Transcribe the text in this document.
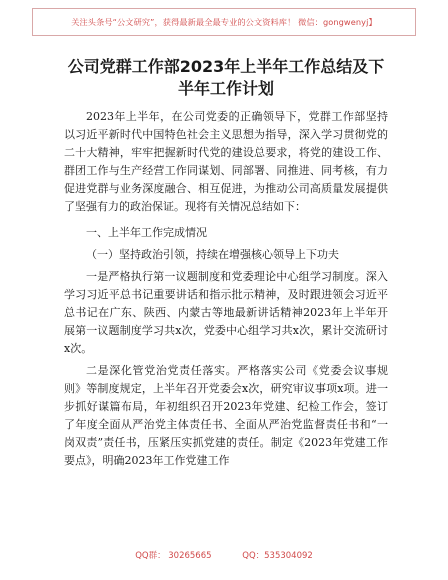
关注头条号“公文研究”，获得最新最全最专业的公文资料库！ 微信：gongwenyj】
公司党群工作部2023年上半年工作总结及下半年工作计划
2023年上半年，在公司党委的正确领导下，党群工作部坚持以习近平新时代中国特色社会主义思想为指导，深入学习贯彻党的二十大精神，牢牢把握新时代党的建设总要求，将党的建设工作、群团工作与生产经营工作同谋划、同部署、同推进、同考核，有力促进党群与业务深度融合、相互促进，为推动公司高质量发展提供了坚强有力的政治保证。现将有关情况总结如下：
一、上半年工作完成情况
（一）坚持政治引领，持续在增强核心领导上下功夫
一是严格执行第一议题制度和党委理论中心组学习制度。深入学习习近平总书记重要讲话和指示批示精神，及时跟进领会习近平总书记在广东、陕西、内蒙古等地最新讲话精神2023年上半年开展第一议题制度学习共x次，党委中心组学习共x次，累计交流研讨x次。
二是深化管党治党责任落实。严格落实公司《党委会议事规则》等制度规定，上半年召开党委会x次，研究审议事项x项。进一步抓好谋篇布局，年初组织召开2023年党建、纪检工作会，签订了年度全面从严治党主体责任书、全面从严治党监督责任书和“一岗双责”责任书，压紧压实抓党建的责任。制定《2023年党建工作要点》，明确2023年工作党建工作
QQ群： 30265665	QQ：535304092
